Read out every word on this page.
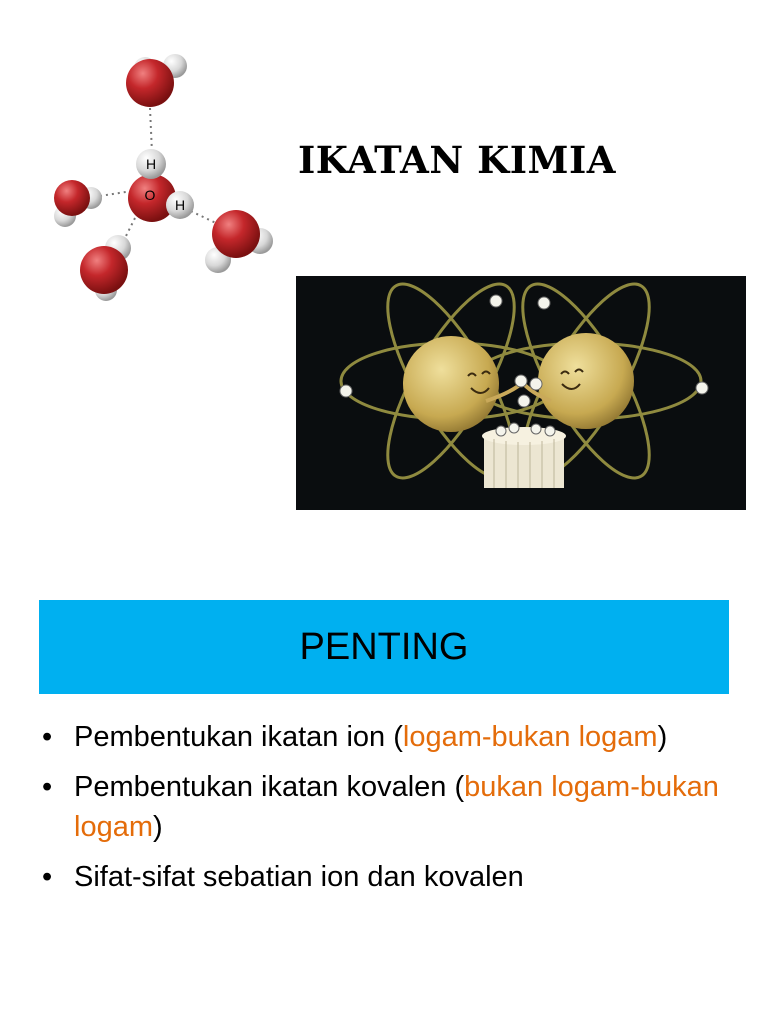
H
O
H
IKATAN KIMIA
PENTING
• Pembentukan ikatan ion (logam-bukan logam)
• Pembentukan ikatan kovalen (bukan logam-bukan logam)
• Sifat-sifat sebatian ion dan kovalen
